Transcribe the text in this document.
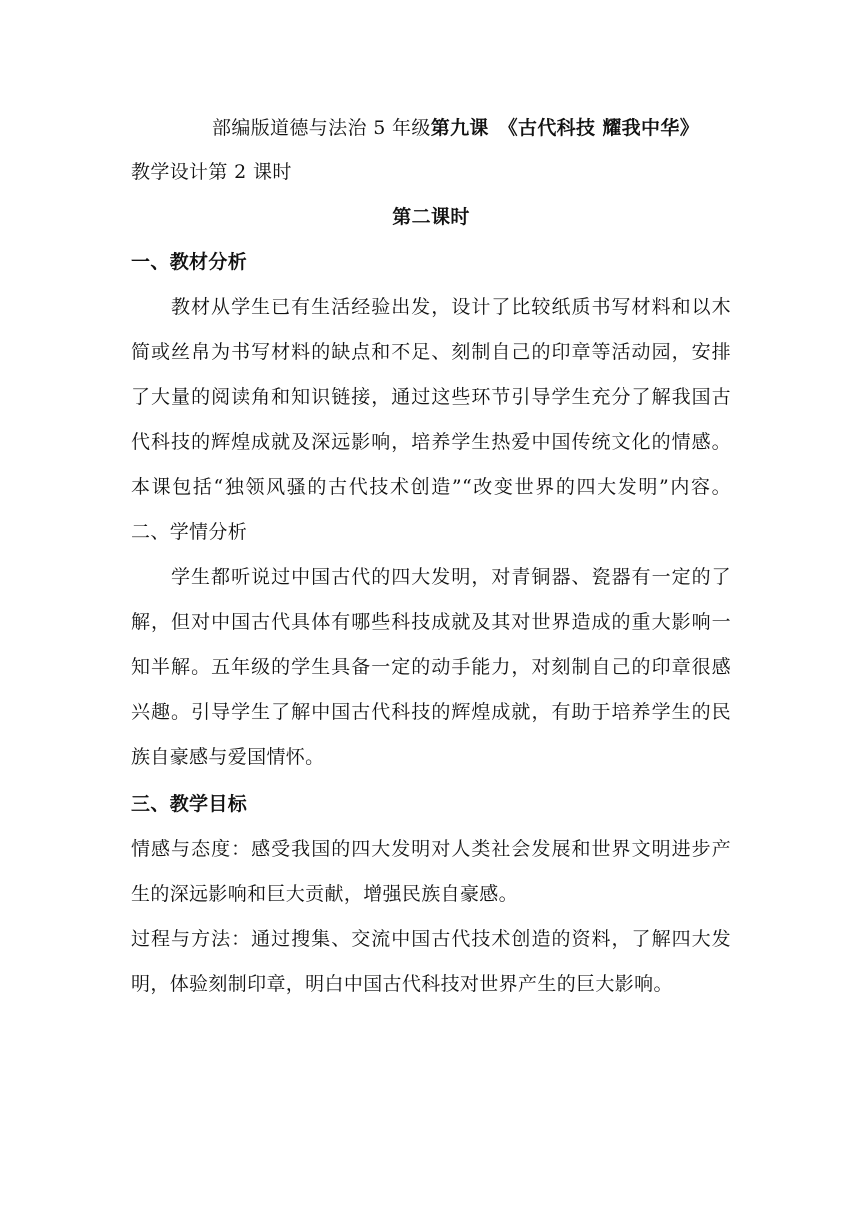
部编版道德与法治 5 年级第九课　《古代科技 耀我中华》
教学设计第 2 课时
第二课时
一、教材分析
教材从学生已有生活经验出发，设计了比较纸质书写材料和以木
简或丝帛为书写材料的缺点和不足、刻制自己的印章等活动园，安排
了大量的阅读角和知识链接，通过这些环节引导学生充分了解我国古
代科技的辉煌成就及深远影响，培养学生热爱中国传统文化的情感。
本课包括“独领风骚的古代技术创造”“改变世界的四大发明”内容。
二、学情分析
学生都听说过中国古代的四大发明，对青铜器、瓷器有一定的了
解，但对中国古代具体有哪些科技成就及其对世界造成的重大影响一
知半解。五年级的学生具备一定的动手能力，对刻制自己的印章很感
兴趣。引导学生了解中国古代科技的辉煌成就，有助于培养学生的民
族自豪感与爱国情怀。
三、教学目标
情感与态度：感受我国的四大发明对人类社会发展和世界文明进步产
生的深远影响和巨大贡献，增强民族自豪感。
过程与方法：通过搜集、交流中国古代技术创造的资料，了解四大发
明，体验刻制印章，明白中国古代科技对世界产生的巨大影响。
